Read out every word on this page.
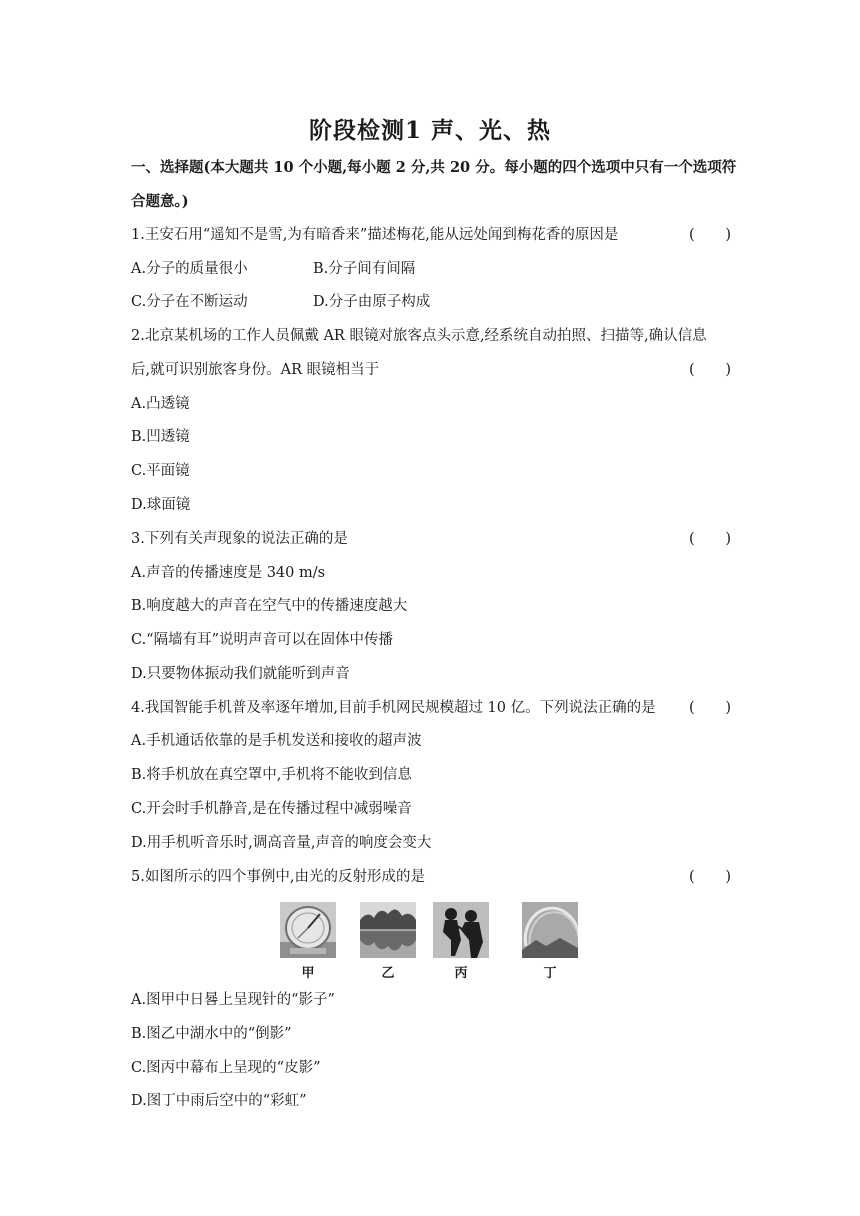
阶段检测1 声、光、热
一、选择题(本大题共 10 个小题,每小题 2 分,共 20 分。每小题的四个选项中只有一个选项符
合题意。)
1.王安石用“遥知不是雪,为有暗香来”描述梅花,能从远处闻到梅花香的原因是	( )
A.分子的质量很小	B.分子间有间隔
C.分子在不断运动	D.分子由原子构成
2.北京某机场的工作人员佩戴 AR 眼镜对旅客点头示意,经系统自动拍照、扫描等,确认信息
后,就可识别旅客身份。AR 眼镜相当于	( )
A.凸透镜
B.凹透镜
C.平面镜
D.球面镜
3.下列有关声现象的说法正确的是	( )
A.声音的传播速度是 340 m/s
B.响度越大的声音在空气中的传播速度越大
C.“隔墙有耳”说明声音可以在固体中传播
D.只要物体振动我们就能听到声音
4.我国智能手机普及率逐年增加,目前手机网民规模超过 10 亿。下列说法正确的是	( )
A.手机通话依靠的是手机发送和接收的超声波
B.将手机放在真空罩中,手机将不能收到信息
C.开会时手机静音,是在传播过程中减弱噪音
D.用手机听音乐时,调高音量,声音的响度会变大
5.如图所示的四个事例中,由光的反射形成的是	( )
甲	乙	丙	丁
A.图甲中日晷上呈现针的“影子”
B.图乙中湖水中的“倒影”
C.图丙中幕布上呈现的“皮影”
D.图丁中雨后空中的“彩虹”
